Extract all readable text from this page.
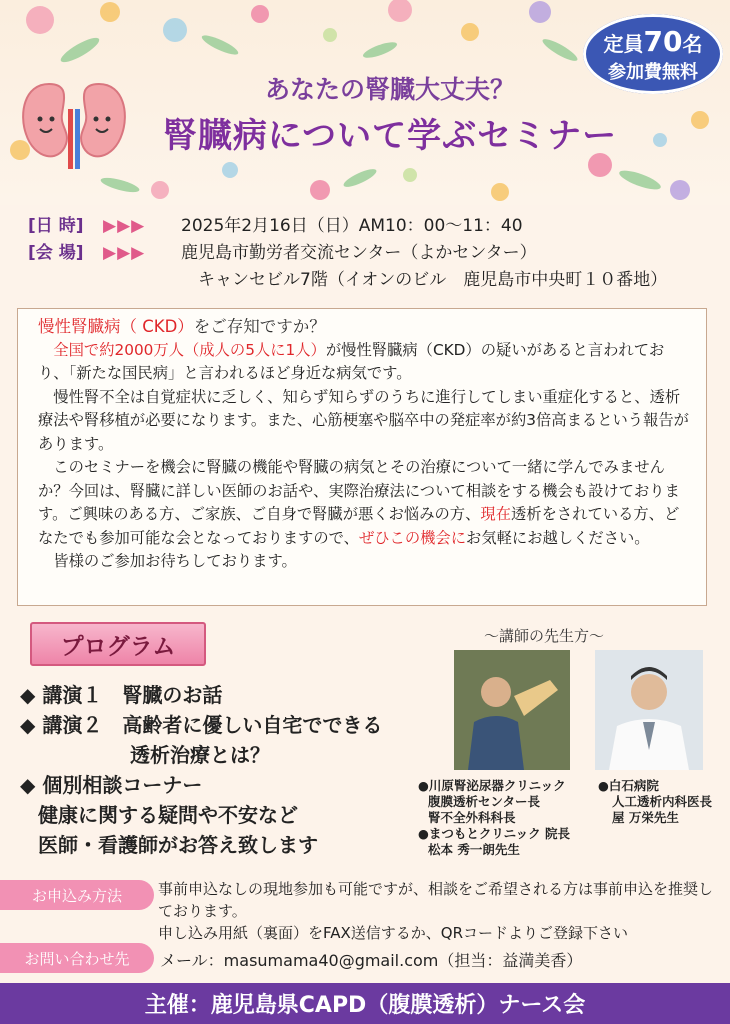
定員70名
参加費無料
あなたの腎臓大丈夫？
腎臓病について学ぶセミナー
[日 時]	▶▶▶	2025年2月16日（日）AM10：00～11：40
[会 場]	▶▶▶	鹿児島市勤労者交流センター（よかセンター）
キャンセビル7階（イオンのビル　鹿児島市中央町１０番地）

慢性腎臓病（ CKD）をご存知ですか？

全国で約2000万人（成人の5人に1人）が慢性腎臓病（CKD）の疑いがあると言われており、「新たな国民病」と言われるほど身近な病気です。

慢性腎不全は自覚症状に乏しく、知らず知らずのうちに進行してしまい重症化すると、透析療法や腎移植が必要になります。また、心筋梗塞や脳卒中の発症率が約3倍高まるという報告があります。

このセミナーを機会に腎臓の機能や腎臓の病気とその治療について一緒に学んでみませんか？今回は、腎臓に詳しい医師のお話や、実際治療法について相談をする機会も設けております。ご興味のある方、ご家族、ご自身で腎臓が悪くお悩みの方、現在透析をされている方、どなたでも参加可能な会となっておりますので、ぜひこの機会にお気軽にお越しください。

皆様のご参加お待ちしております。

プログラム
◆ 講演１　腎臓のお話
◆ 講演２　高齢者に優しい自宅でできる
透析治療とは？
◆ 個別相談コーナー
健康に関する疑問や不安など
医師・看護師がお答え致します
～講師の先生方～
●川原腎泌尿器クリニック
腹膜透析センター長
腎不全外科科長
●まつもとクリニック 院長
松本 秀一朗先生
●白石病院
人工透析内科医長
屋 万栄先生
お申込み方法	事前申込なしの現地参加も可能ですが、相談をご希望される方は事前申込を推奨しております。
申し込み用紙（裏面）をFAX送信するか、QRコードよりご登録下さい
お問い合わせ先	メール：masumama40@gmail.com（担当：益満美香）
主催：鹿児島県CAPD（腹膜透析）ナース会
